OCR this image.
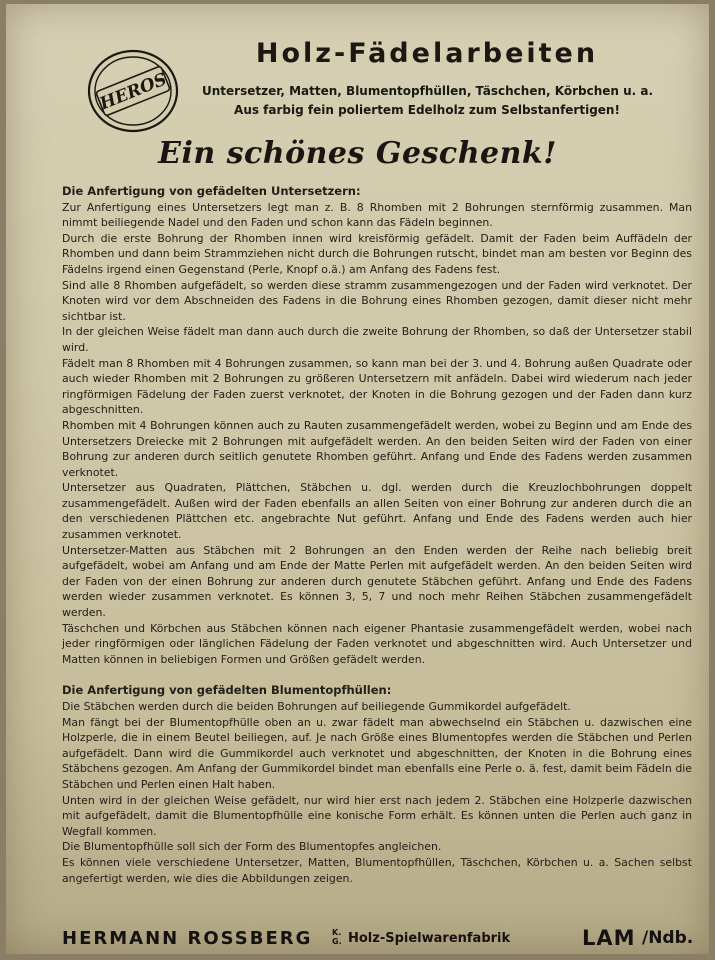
HEROS
Holz-Fädelarbeiten
Untersetzer, Matten, Blumentopfhüllen, Täschchen, Körbchen u. a.
Aus farbig fein poliertem Edelholz zum Selbstanfertigen!
Ein schönes Geschenk!

Die Anfertigung von gefädelten Untersetzern:

Zur Anfertigung eines Untersetzers legt man z. B. 8 Rhomben mit 2 Bohrungen sternförmig zusammen. Man nimmt beiliegende Nadel und den Faden und schon kann das Fädeln beginnen.

Durch die erste Bohrung der Rhomben innen wird kreisförmig gefädelt. Damit der Faden beim Auffädeln der Rhomben und dann beim Strammziehen nicht durch die Bohrungen rutscht, bindet man am besten vor Beginn des Fädelns irgend einen Gegenstand (Perle, Knopf o.ä.) am Anfang des Fadens fest.

Sind alle 8 Rhomben aufgefädelt, so werden diese stramm zusammengezogen und der Faden wird verknotet. Der Knoten wird vor dem Abschneiden des Fadens in die Bohrung eines Rhomben gezogen, damit dieser nicht mehr sichtbar ist.

In der gleichen Weise fädelt man dann auch durch die zweite Bohrung der Rhomben, so daß der Untersetzer stabil wird.

Fädelt man 8 Rhomben mit 4 Bohrungen zusammen, so kann man bei der 3. und 4. Bohrung außen Quadrate oder auch wieder Rhomben mit 2 Bohrungen zu größeren Untersetzern mit anfädeln. Dabei wird wiederum nach jeder ringförmigen Fädelung der Faden zuerst verknotet, der Knoten in die Bohrung gezogen und der Faden dann kurz abgeschnitten.

Rhomben mit 4 Bohrungen können auch zu Rauten zusammengefädelt werden, wobei zu Beginn und am Ende des Untersetzers Dreiecke mit 2 Bohrungen mit aufgefädelt werden. An den beiden Seiten wird der Faden von einer Bohrung zur anderen durch seitlich genutete Rhomben geführt. Anfang und Ende des Fadens werden zusammen verknotet.

Untersetzer aus Quadraten, Plättchen, Stäbchen u. dgl. werden durch die Kreuzlochbohrungen doppelt zusammengefädelt. Außen wird der Faden ebenfalls an allen Seiten von einer Bohrung zur anderen durch die an den verschiedenen Plättchen etc. angebrachte Nut geführt. Anfang und Ende des Fadens werden auch hier zusammen verknotet.

Untersetzer-Matten aus Stäbchen mit 2 Bohrungen an den Enden werden der Reihe nach beliebig breit aufgefädelt, wobei am Anfang und am Ende der Matte Perlen mit aufgefädelt werden. An den beiden Seiten wird der Faden von der einen Bohrung zur anderen durch genutete Stäbchen geführt. Anfang und Ende des Fadens werden wieder zusammen verknotet. Es können 3, 5, 7 und noch mehr Reihen Stäbchen zusammengefädelt werden.

Täschchen und Körbchen aus Stäbchen können nach eigener Phantasie zusammengefädelt werden, wobei nach jeder ringförmigen oder länglichen Fädelung der Faden verknotet und abgeschnitten wird. Auch Untersetzer und Matten können in beliebigen Formen und Größen gefädelt werden.

Die Anfertigung von gefädelten Blumentopfhüllen:

Die Stäbchen werden durch die beiden Bohrungen auf beiliegende Gummikordel aufgefädelt.

Man fängt bei der Blumentopfhülle oben an u. zwar fädelt man abwechselnd ein Stäbchen u. dazwischen eine Holzperle, die in einem Beutel beiliegen, auf. Je nach Größe eines Blumentopfes werden die Stäbchen und Perlen aufgefädelt. Dann wird die Gummikordel auch verknotet und abgeschnitten, der Knoten in die Bohrung eines Stäbchens gezogen. Am Anfang der Gummikordel bindet man ebenfalls eine Perle o. ä. fest, damit beim Fädeln die Stäbchen und Perlen einen Halt haben.

Unten wird in der gleichen Weise gefädelt, nur wird hier erst nach jedem 2. Stäbchen eine Holzperle dazwischen mit aufgefädelt, damit die Blumentopfhülle eine konische Form erhält. Es können unten die Perlen auch ganz in Wegfall kommen.

Die Blumentopfhülle soll sich der Form des Blumentopfes angleichen.

Es können viele verschiedene Untersetzer, Matten, Blumentopfhüllen, Täschchen, Körbchen u. a. Sachen selbst angefertigt werden, wie dies die Abbildungen zeigen.

HERMANN ROSSBERG K.
G. Holz-Spielwarenfabrik	LAM /Ndb.
